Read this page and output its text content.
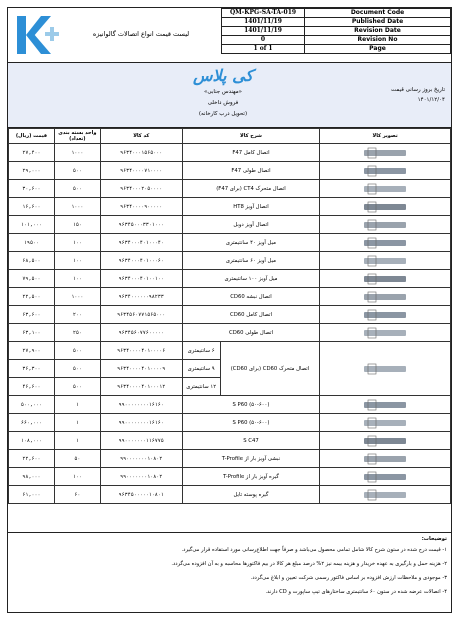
لیست قیمت انواع اتصالات گالوانیزه
QM-KPG-SA-TA-019	Document Code
1401/11/19	Published Date
1401/11/19	Revision Date
0	Revision No
1 of 1	Page
کی پلاس
«مهندس جنابی»
فروش داخلی
(تحویل درب کارخانه)
تاریخ بروز رسانی قیمت
۱۴۰۱/۱۲/۰۴
قیمت (ریال)	واحد بسته بندی (تعداد)	کد کالا	شرح کالا		تصویر کالا
۲۷,۴۰۰	۱۰۰۰	۹۶۳۴۰۰۰۱۵۶۵۰۰۰	اتصال کامل F47	

۲۹,۰۰۰	۵۰۰	۹۶۳۴۰۰۰۰۷۱۰۰۰۰	اتصال طولی F47	

۳۰,۶۰۰	۵۰۰	۹۶۳۴۰۰۰۲۰۵۰۰۰۰	اتصال متحرک CT4 (برای F47)	

۱۶,۶۰۰	۱۰۰۰	۹۶۳۴۰۰۰۰۹۰۰۰۰۰	اتصال آویز HT8	

۱۰۱,۰۰۰	۱۵۰	۹۶۳۴۵۰۰۰۳۳۰۱۰۰۰	اتصال آویز دوبل	

۱۹۵۰۰	۱۰۰	۹۶۳۴۰۰۰۴۰۱۰۰۰۴۰	میل آویز ۴۰ سانتیمتری	

۶۸,۵۰۰	۱۰۰	۹۶۳۴۰۰۰۴۰۱۰۰۰۶۰	میل آویز ۶۰ سانتیمتری	

۷۹,۵۰۰	۱۰۰	۹۶۳۴۰۰۰۴۰۱۰۰۱۰۰	میل آویز ۱۰۰ سانتیمتری	

۲۲,۵۰۰	۱۰۰۰	۹۶۳۴۰۰۰۰۰۰۹۸۲۳۳	اتصال نبشه CD60	

۶۳,۶۰۰	۲۰۰	۹۶۳۴۵۶۰۷۷۱۵۶۵۰۰۰	اتصال کامل CD60	

۶۳,۱۰۰	۲۵۰	۹۶۳۴۵۶۰۷۷۶۰۰۰۰۰	اتصال طولی CD60	

۲۷,۹۰۰	۵۰۰	۹۶۳۴۰۰۰۰۴۰۱۰۰۰۰۶	۶ سانتیمتری	اتصال متحرک CD60 (برای CD60)	

۳۶,۳۰۰	۵۰۰	۹۶۳۴۰۰۰۰۴۰۱۰۰۰۰۹	۹ سانتیمتری		
۴۶,۶۰۰	۵۰۰	۹۶۳۴۰۰۰۰۴۰۱۰۰۰۱۲	۱۲ سانتیمتری		
۵۰۰,۰۰۰	۱	۹۹۰۰۰۰۰۰۰۰۱۶۱۶۰	S P60 (۵۰-۶۰۰)	

۶۶۰,۰۰۰	۱	۹۹۰۰۰۰۰۰۰۰۱۶۱۶۰	S P60 (۵۰-۶۰۰)	

۱۰۸,۰۰۰	۱	۹۹۰۰۰۰۰۰۰۱۱۶۷۷۵	S C47	

۲۲,۶۰۰	۵۰	۹۹۰۰۰۰۰۰۰۱۰۸۰۲	نبشی آویز بار از T-Profile	

۹۸,۰۰۰	۱۰۰	۹۹۰۰۰۰۰۰۰۱۰۸۰۲	گیره آویز بار از T-Profile	

۶۱,۰۰۰	۶۰	۹۶۳۴۵۰۰۰۰۰۱۰۸۰۱	گیره پوسته تایل	
توضیحات:

۱- قیمت درج شده در ستون شرح کالا شامل تمامی محصول می‌باشد و صرفاً جهت اطلاع‌رسانی مورد استفاده قرار می‌گیرد.

۲- هزینه حمل و بارگیری به عهده خریدار و هزینه بیمه نیز ۲% درصد مبلغ هر کالا در بیم فاکتورها محاسبه و به آن افزوده می‌گردد.

۳- موجودی و ملاحظات ارزش افزوده بر اساس فاکتور رسمی شرکت تعیین و ابلاغ می‌گردد.

۴- اتصالات عرضه شده در ستون ۶۰ سانتیمتری ساختارهای تیپ ساپورت و CD دارند.
